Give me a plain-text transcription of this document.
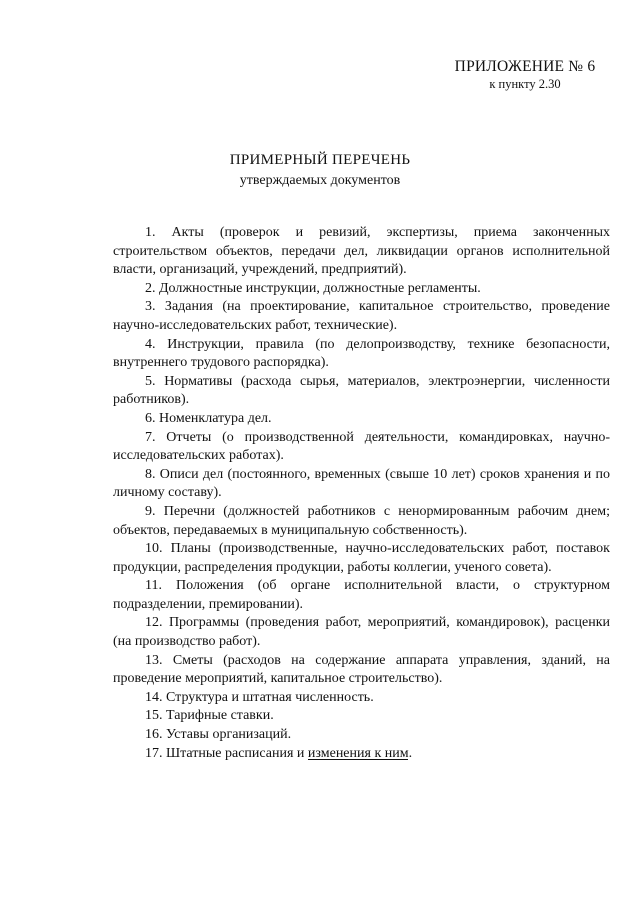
ПРИЛОЖЕНИЕ № 6
к пункту 2.30
ПРИМЕРНЫЙ ПЕРЕЧЕНЬ
утверждаемых документов
1. Акты (проверок и ревизий, экспертизы, приема законченных строительством объектов, передачи дел, ликвидации органов исполнительной власти, организаций, учреждений, предприятий).
2. Должностные инструкции, должностные регламенты.
3. Задания (на проектирование, капитальное строительство, проведение научно-исследовательских работ, технические).
4. Инструкции, правила (по делопроизводству, технике безопасности, внутреннего трудового распорядка).
5. Нормативы (расхода сырья, материалов, электроэнергии, численности работников).
6. Номенклатура дел.
7. Отчеты (о производственной деятельности, командировках, научно-исследовательских работах).
8. Описи дел (постоянного, временных (свыше 10 лет) сроков хранения и по личному составу).
9. Перечни (должностей работников с ненормированным рабочим днем; объектов, передаваемых в муниципальную собственность).
10. Планы (производственные, научно-исследовательских работ, поставок продукции, распределения продукции, работы коллегии, ученого совета).
11. Положения (об органе исполнительной власти, о структурном подразделении, премировании).
12. Программы (проведения работ, мероприятий, командировок), расценки (на производство работ).
13. Сметы (расходов на содержание аппарата управления, зданий, на проведение мероприятий, капитальное строительство).
14. Структура и штатная численность.
15. Тарифные ставки.
16. Уставы организаций.
17. Штатные расписания и изменения к ним.
